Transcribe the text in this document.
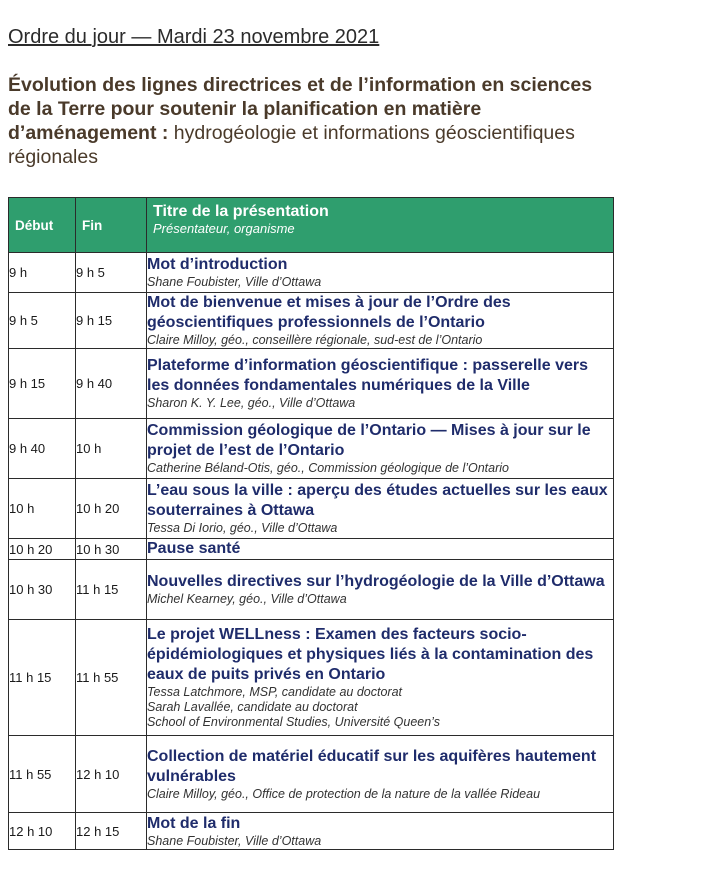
Ordre du jour — Mardi 23 novembre 2021
Évolution des lignes directrices et de l’information en sciences de la Terre pour soutenir la planification en matière d’aménagement : hydrogéologie et informations géoscientifiques régionales
Début	Fin	Titre de la présentation
Présentateur, organisme

9 h	9 h 5	Mot d’introduction
Shane Foubister, Ville d’Ottawa

9 h 5	9 h 15	Mot de bienvenue et mises à jour de l’Ordre des géoscientifiques professionnels de l’Ontario
Claire Milloy, géo., conseillère régionale, sud-est de l’Ontario

9 h 15	9 h 40	Plateforme d’information géoscientifique : passerelle vers les données fondamentales numériques de la Ville
Sharon K. Y. Lee, géo., Ville d’Ottawa

9 h 40	10 h	Commission géologique de l’Ontario — Mises à jour sur le projet de l’est de l’Ontario
Catherine Béland-Otis, géo., Commission géologique de l’Ontario

10 h	10 h 20	L’eau sous la ville : aperçu des études actuelles sur les eaux souterraines à Ottawa
Tessa Di Iorio, géo., Ville d’Ottawa

10 h 20	10 h 30	Pause santé

10 h 30	11 h 15	Nouvelles directives sur l’hydrogéologie de la Ville d’Ottawa
Michel Kearney, géo., Ville d’Ottawa

11 h 15	11 h 55	Le projet WELLness : Examen des facteurs socio-épidémiologiques et physiques liés à la contamination des eaux de puits privés en Ontario
Tessa Latchmore, MSP, candidate au doctorat
Sarah Lavallée, candidate au doctorat
School of Environmental Studies, Université Queen’s

11 h 55	12 h 10	Collection de matériel éducatif sur les aquifères hautement vulnérables
Claire Milloy, géo., Office de protection de la nature de la vallée Rideau

12 h 10	12 h 15	Mot de la fin
Shane Foubister, Ville d’Ottawa
